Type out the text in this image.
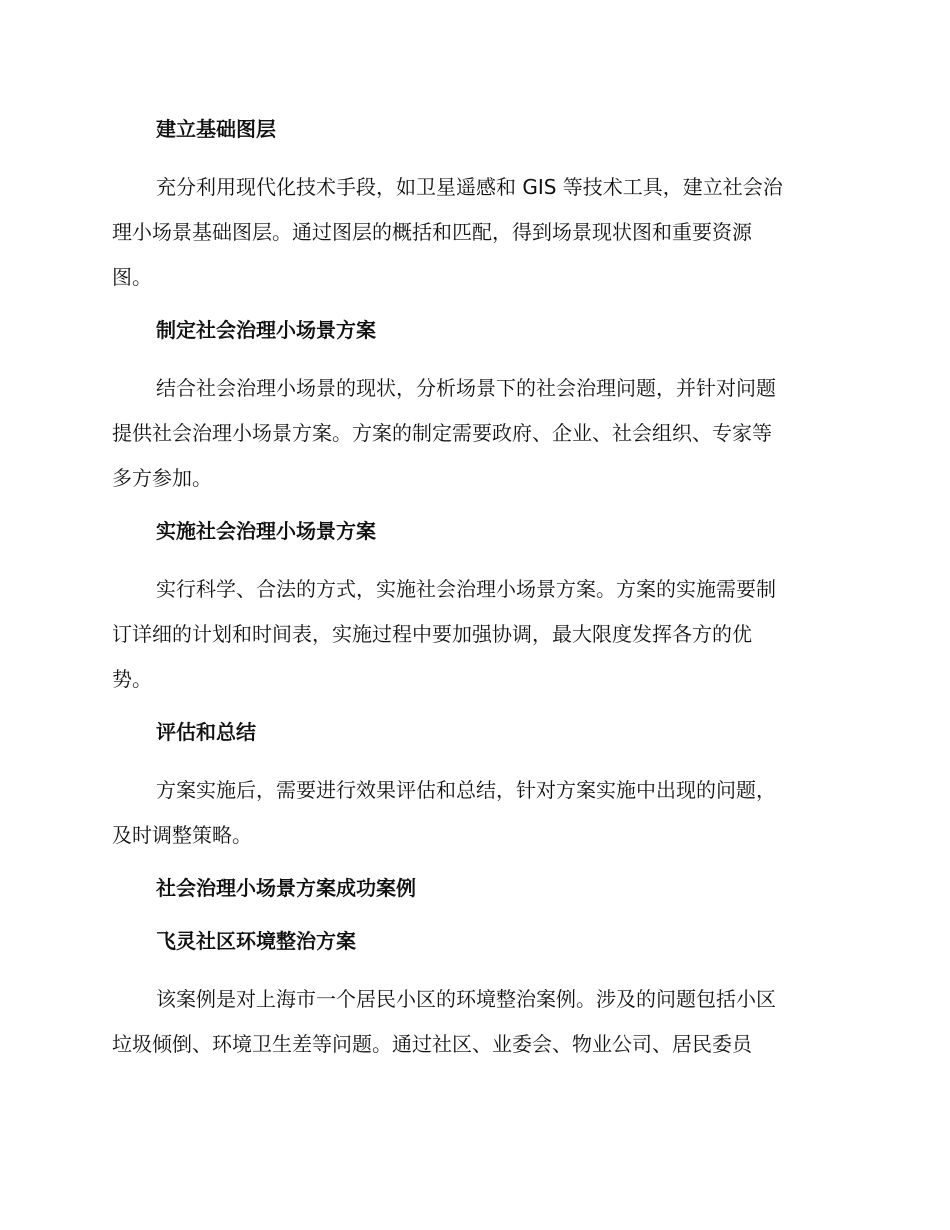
建立基础图层
充分利用现代化技术手段，如卫星遥感和 GIS 等技术工具，建立社会治
理小场景基础图层。通过图层的概括和匹配，得到场景现状图和重要资源
图。
制定社会治理小场景方案
结合社会治理小场景的现状，分析场景下的社会治理问题，并针对问题
提供社会治理小场景方案。方案的制定需要政府、企业、社会组织、专家等
多方参加。
实施社会治理小场景方案
实行科学、合法的方式，实施社会治理小场景方案。方案的实施需要制
订详细的计划和时间表，实施过程中要加强协调，最大限度发挥各方的优
势。
评估和总结
方案实施后，需要进行效果评估和总结，针对方案实施中出现的问题，
及时调整策略。
社会治理小场景方案成功案例
飞灵社区环境整治方案
该案例是对上海市一个居民小区的环境整治案例。涉及的问题包括小区
垃圾倾倒、环境卫生差等问题。通过社区、业委会、物业公司、居民委员
